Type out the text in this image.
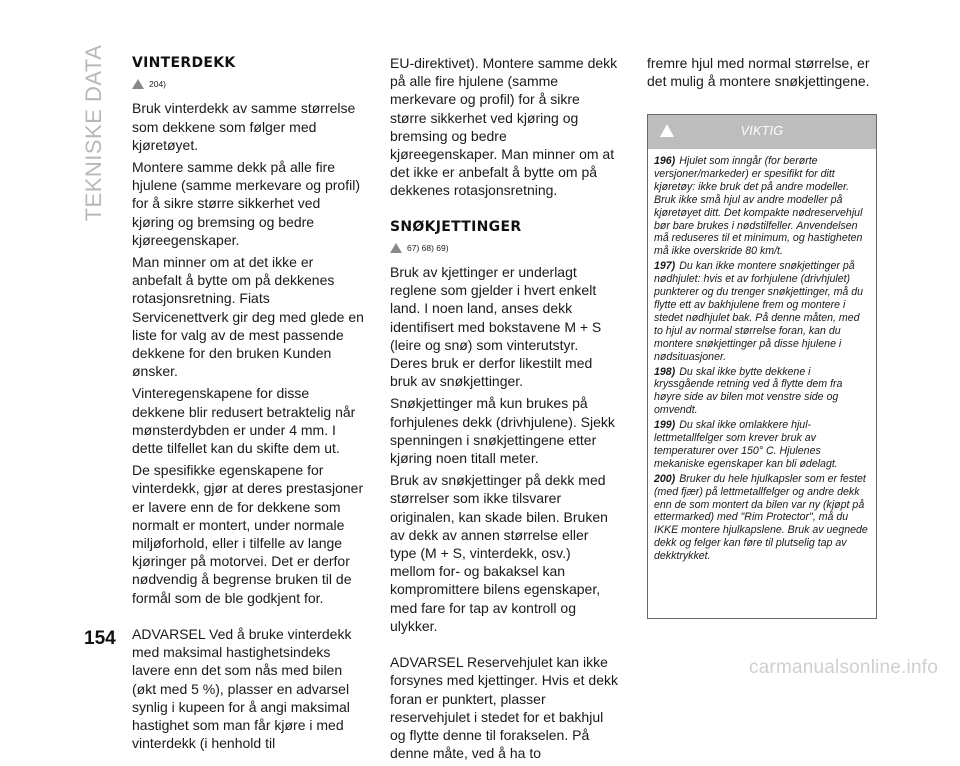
TEKNISKE DATA VINTERDEKK
204)

Bruk vinterdekk av samme størrelse som dekkene som følger med kjøretøyet.

Montere samme dekk på alle fire hjulene (samme merkevare og profil) for å sikre større sikkerhet ved kjøring og bremsing og bedre kjøreegenskaper.

Man minner om at det ikke er anbefalt å bytte om på dekkenes rotasjonsretning. Fiats Servicenettverk gir deg med glede en liste for valg av de mest passende dekkene for den bruken Kunden ønsker.

Vinteregenskapene for disse dekkene blir redusert betraktelig når mønsterdybden er under 4 mm. I dette tilfellet kan du skifte dem ut.

De spesifikke egenskapene for vinterdekk, gjør at deres prestasjoner er lavere enn de for dekkene som normalt er montert, under normale miljøforhold, eller i tilfelle av lange kjøringer på motorvei. Det er derfor nødvendig å begrense bruken til de formål som de ble godkjent for.

ADVARSEL Ved å bruke vinterdekk med maksimal hastighetsindeks lavere enn det som nås med bilen (økt med 5 %), plasser en advarsel synlig i kupeen for å angi maksimal hastighet som man får kjøre i med vinterdekk (i henhold til

EU-direktivet). Montere samme dekk på alle fire hjulene (samme merkevare og profil) for å sikre større sikkerhet ved kjøring og bremsing og bedre kjøreegenskaper. Man minner om at det ikke er anbefalt å bytte om på dekkenes rotasjonsretning.

SNØKJETTINGER
67) 68) 69)

Bruk av kjettinger er underlagt reglene som gjelder i hvert enkelt land. I noen land, anses dekk identifisert med bokstavene M + S (leire og snø) som vinterutstyr. Deres bruk er derfor likestilt med bruk av snøkjettinger.

Snøkjettinger må kun brukes på forhjulenes dekk (drivhjulene). Sjekk spenningen i snøkjettingene etter kjøring noen titall meter.

Bruk av snøkjettinger på dekk med størrelser som ikke tilsvarer originalen, kan skade bilen. Bruken av dekk av annen størrelse eller type (M + S, vinterdekk, osv.) mellom for- og bakaksel kan kompromittere bilens egenskaper, med fare for tap av kontroll og ulykker.

ADVARSEL Reservehjulet kan ikke forsynes med kjettinger. Hvis et dekk foran er punktert, plasser reservehjulet i stedet for et bakhjul og flytte denne til forakselen. På denne måte, ved å ha to

fremre hjul med normal størrelse, er det mulig å montere snøkjettingene.

VIKTIG

196) Hjulet som inngår (for berørte versjoner/markeder) er spesifikt for ditt kjøretøy: ikke bruk det på andre modeller. Bruk ikke små hjul av andre modeller på kjøretøyet ditt. Det kompakte nødreservehjul bør bare brukes i nødstilfeller. Anvendelsen må reduseres til et minimum, og hastigheten må ikke overskride 80 km/t.

197) Du kan ikke montere snøkjettinger på nødhjulet: hvis et av forhjulene (drivhjulet) punkterer og du trenger snøkjettinger, må du flytte ett av bakhjulene frem og montere i stedet nødhjulet bak. På denne måten, med to hjul av normal størrelse foran, kan du montere snøkjettinger på disse hjulene i nødsituasjoner.

198) Du skal ikke bytte dekkene i kryssgående retning ved å flytte dem fra høyre side av bilen mot venstre side og omvendt.

199) Du skal ikke omlakkere hjul-lettmetallfelger som krever bruk av temperaturer over 150° C. Hjulenes mekaniske egenskaper kan bli ødelagt.

200) Bruker du hele hjulkapsler som er festet (med fjær) på lettmetallfelger og andre dekk enn de som montert da bilen var ny (kjøpt på ettermarked) med "Rim Protector", må du IKKE montere hjulkapslene. Bruk av uegnede dekk og felger kan føre til plutselig tap av dekktrykket.

154
carmanualsonline.info
